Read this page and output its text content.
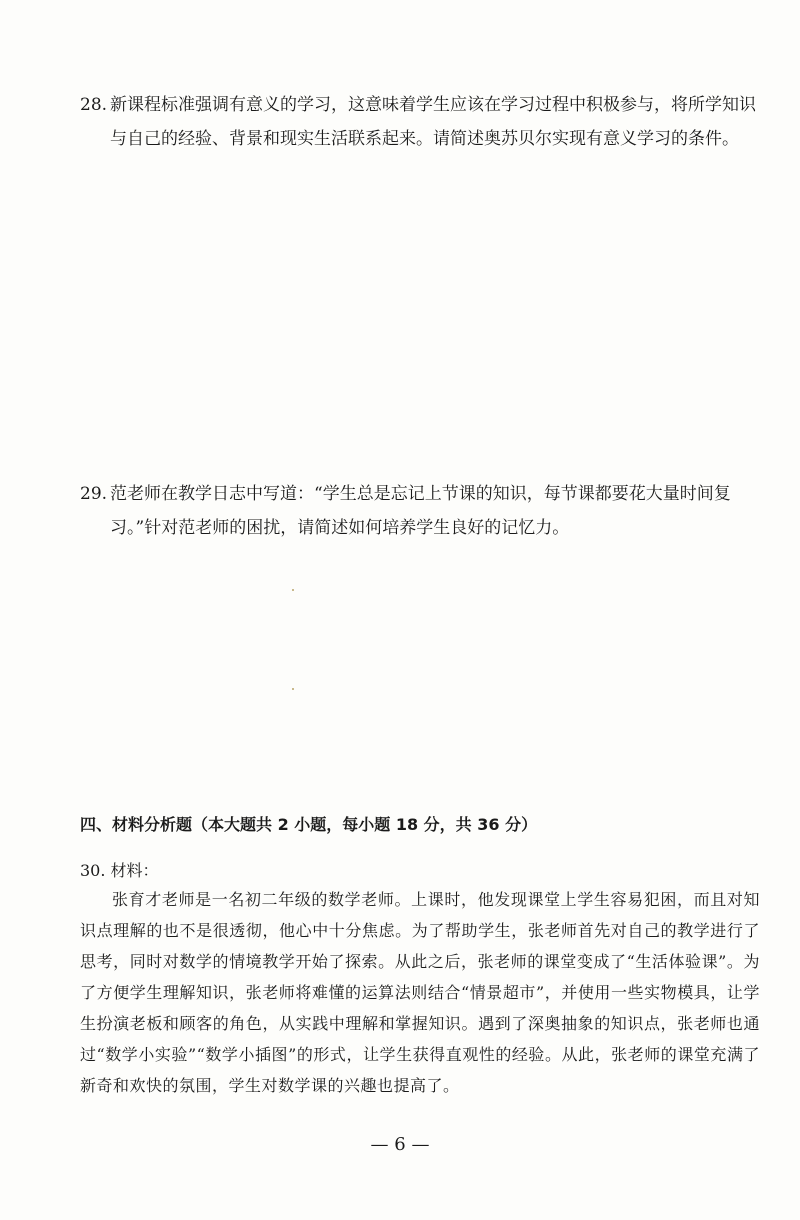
28. 新课程标准强调有意义的学习，这意味着学生应该在学习过程中积极参与，将所学知识
与自己的经验、背景和现实生活联系起来。请简述奥苏贝尔实现有意义学习的条件。
29. 范老师在教学日志中写道：“学生总是忘记上节课的知识，每节课都要花大量时间复
习。”针对范老师的困扰，请简述如何培养学生良好的记忆力。
四、材料分析题（本大题共 2 小题，每小题 18 分，共 36 分）
30. 材料：
张育才老师是一名初二年级的数学老师。上课时，他发现课堂上学生容易犯困，而且对知识点理解的也不是很透彻，他心中十分焦虑。为了帮助学生，张老师首先对自己的教学进行了思考，同时对数学的情境教学开始了探索。从此之后，张老师的课堂变成了“生活体验课”。为了方便学生理解知识，张老师将难懂的运算法则结合“情景超市”，并使用一些实物模具，让学生扮演老板和顾客的角色，从实践中理解和掌握知识。遇到了深奥抽象的知识点，张老师也通过“数学小实验”“数学小插图”的形式，让学生获得直观性的经验。从此，张老师的课堂充满了新奇和欢快的氛围，学生对数学课的兴趣也提高了。
— 6 —
